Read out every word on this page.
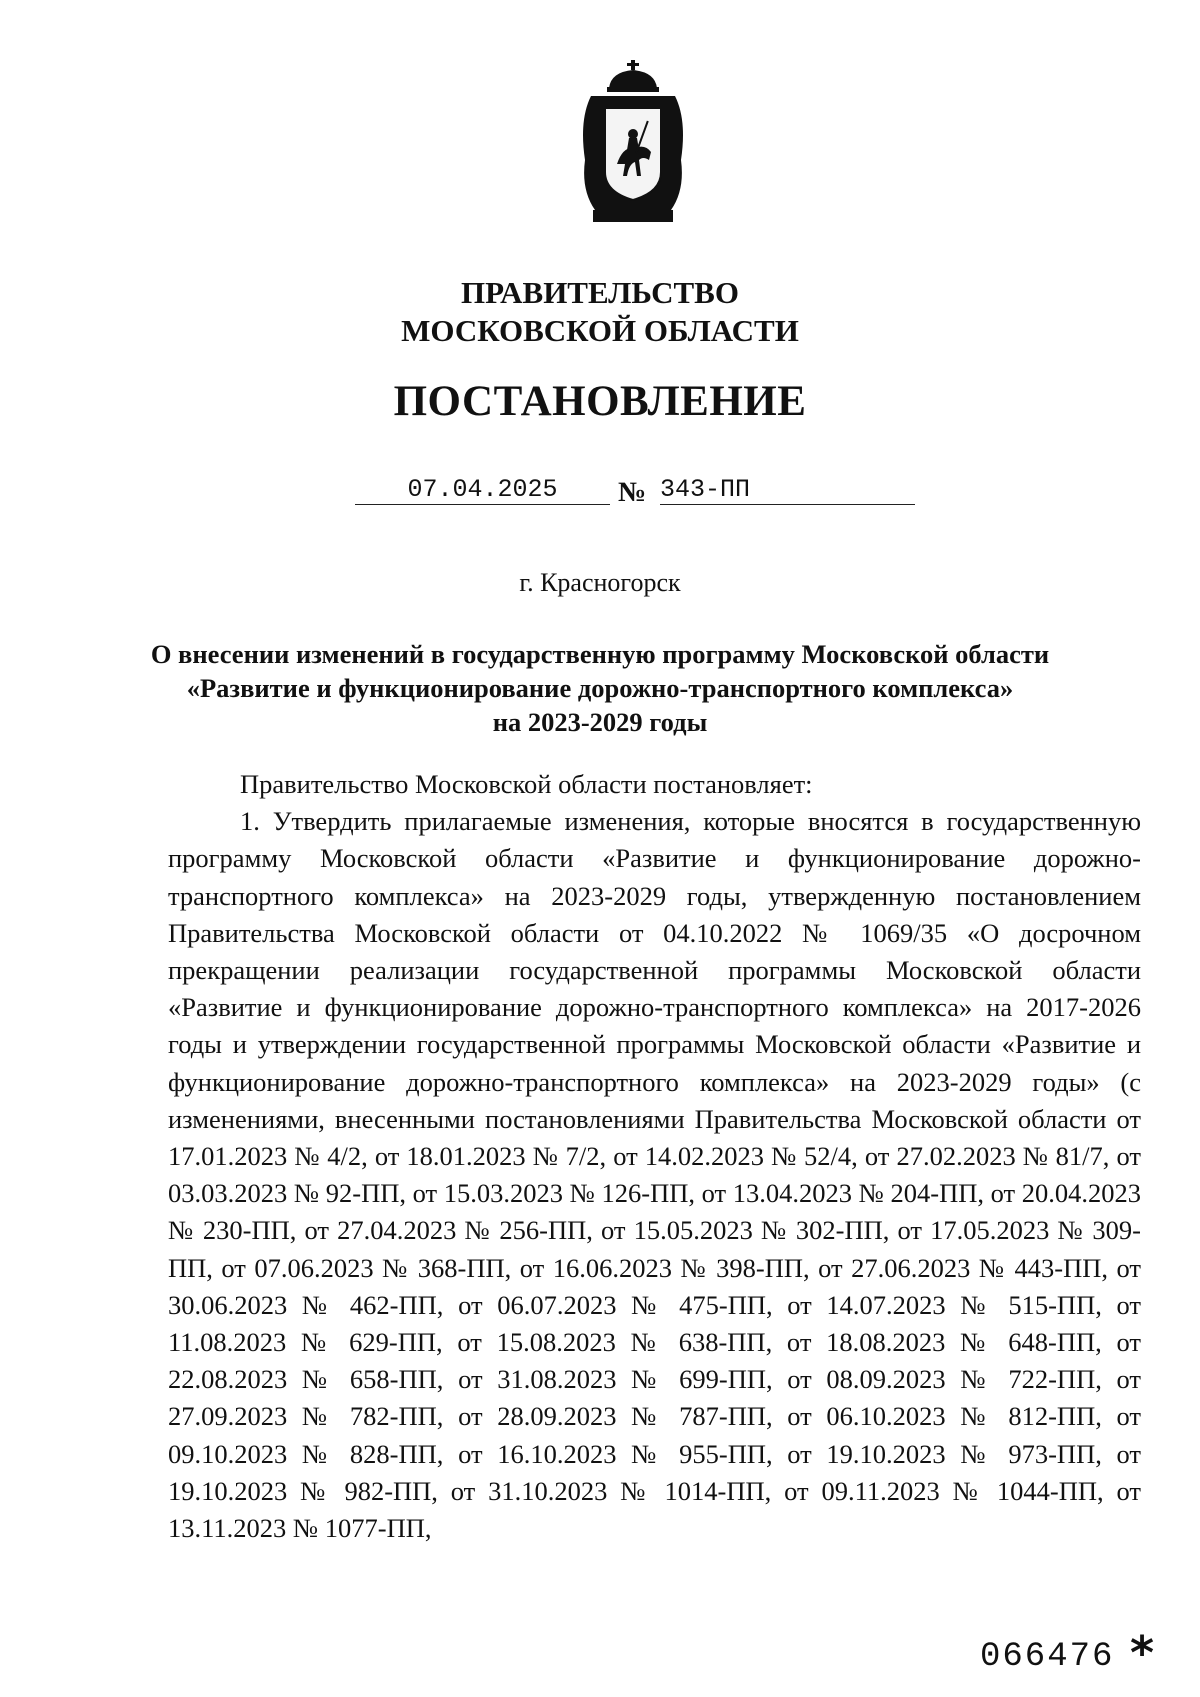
ПРАВИТЕЛЬСТВО
МОСКОВСКОЙ ОБЛАСТИ
ПОСТАНОВЛЕНИЕ
07.04.2025	№ 343-ПП
г. Красногорск
О внесении изменений в государственную программу Московской области
«Развитие и функционирование дорожно-транспортного комплекса»
на 2023-2029 годы

Правительство Московской области постановляет:

1. Утвердить прилагаемые изменения, которые вносятся в государственную программу Московской области «Развитие и функционирование дорожно-транспортного комплекса» на 2023-2029 годы, утвержденную постановлением Правительства Московской области от 04.10.2022 № 1069/35 «О досрочном прекращении реализации государственной программы Московской области «Развитие и функционирование дорожно-транспортного комплекса» на 2017-2026 годы и утверждении государственной программы Московской области «Развитие и функционирование дорожно-транспортного комплекса» на 2023-2029 годы» (с изменениями, внесенными постановлениями Правительства Московской области от 17.01.2023 № 4/2, от 18.01.2023 № 7/2, от 14.02.2023 № 52/4, от 27.02.2023 № 81/7, от 03.03.2023 № 92-ПП, от 15.03.2023 № 126-ПП, от 13.04.2023 № 204-ПП, от 20.04.2023 № 230-ПП, от 27.04.2023 № 256-ПП, от 15.05.2023 № 302-ПП, от 17.05.2023 № 309-ПП, от 07.06.2023 № 368-ПП, от 16.06.2023 № 398-ПП, от 27.06.2023 № 443-ПП, от 30.06.2023 № 462-ПП, от 06.07.2023 № 475-ПП, от 14.07.2023 № 515-ПП, от 11.08.2023 № 629-ПП, от 15.08.2023 № 638-ПП, от 18.08.2023 № 648-ПП, от 22.08.2023 № 658-ПП, от 31.08.2023 № 699-ПП, от 08.09.2023 № 722-ПП, от 27.09.2023 № 782-ПП, от 28.09.2023 № 787-ПП, от 06.10.2023 № 812-ПП, от 09.10.2023 № 828-ПП, от 16.10.2023 № 955-ПП, от 19.10.2023 № 973-ПП, от 19.10.2023 № 982-ПП, от 31.10.2023 № 1014-ПП, от 09.11.2023 № 1044-ПП, от 13.11.2023 № 1077-ПП,

066476 *
